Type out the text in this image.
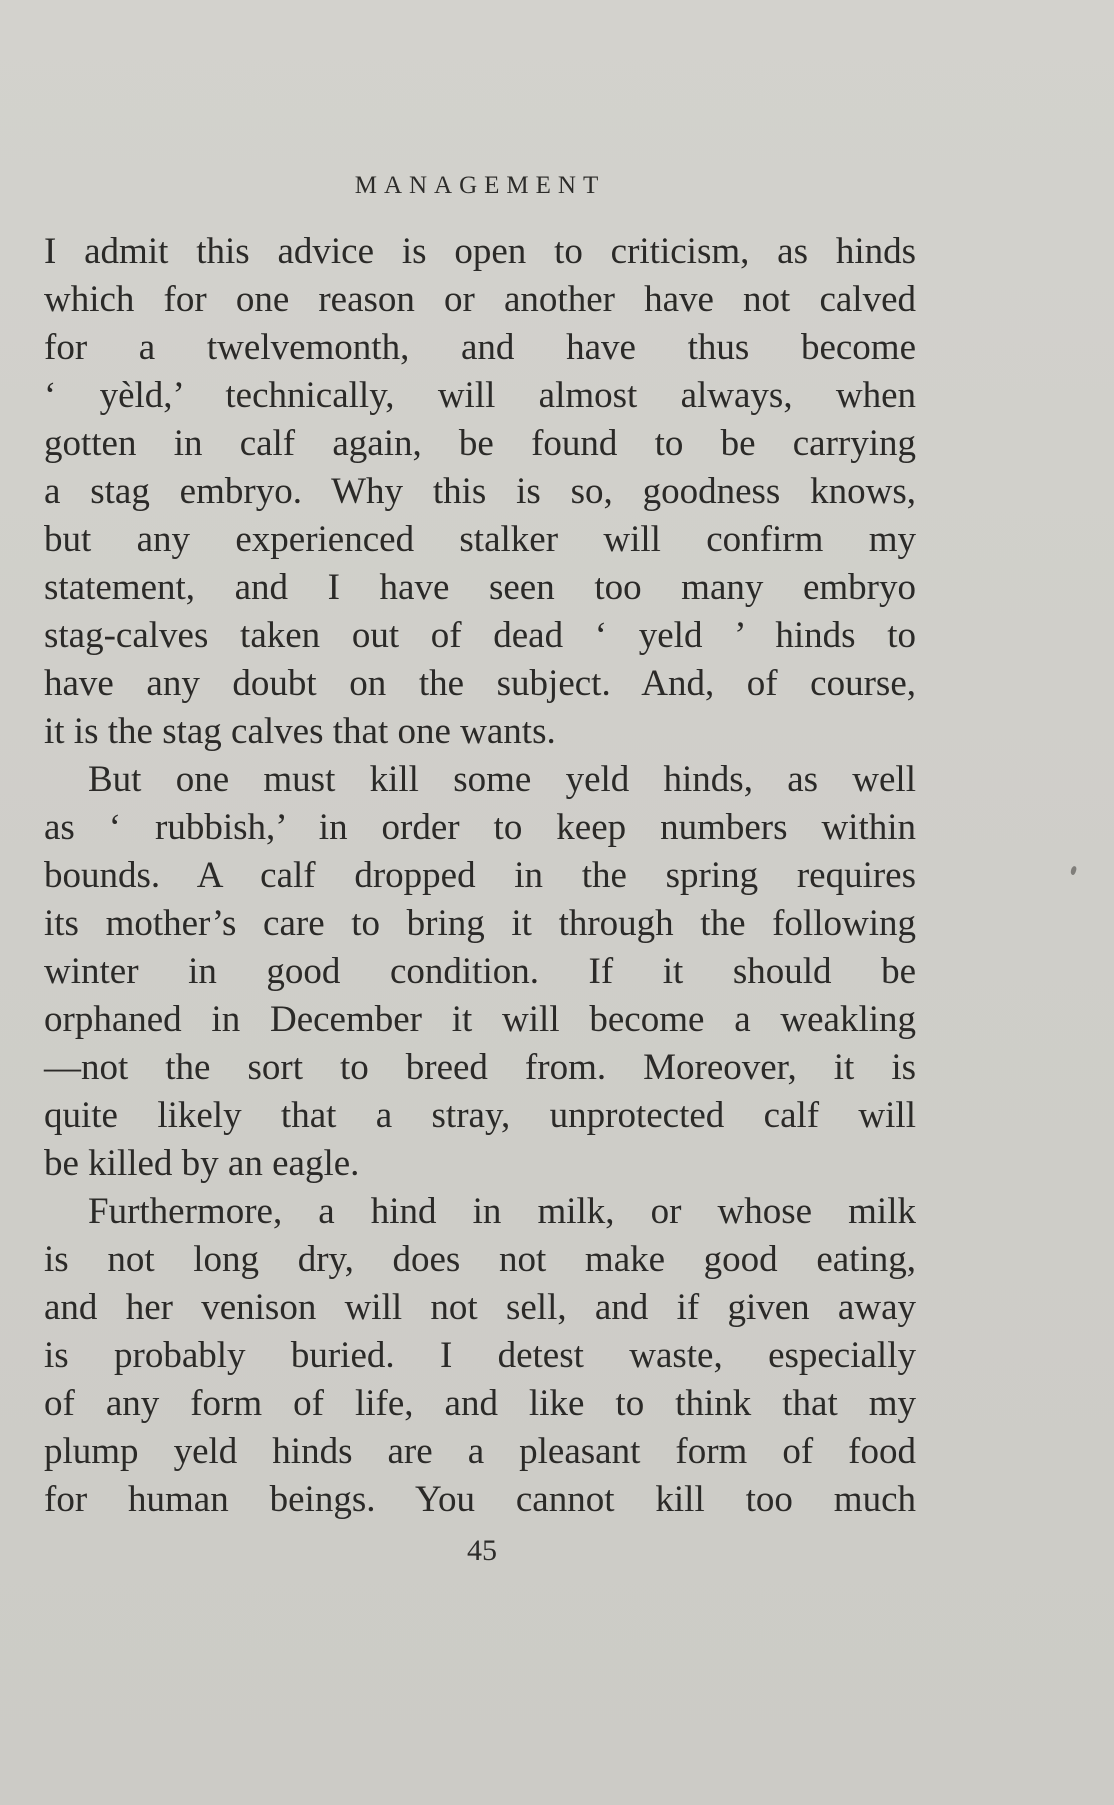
MANAGEMENT
I admit this advice is open to criticism, as hinds
which for one reason or another have not calved
for a twelvemonth, and have thus become
‘ yèld,’ technically, will almost always, when
gotten in calf again, be found to be carrying
a stag embryo. Why this is so, goodness knows,
but any experienced stalker will confirm my
statement, and I have seen too many embryo
stag-calves taken out of dead ‘ yeld ’ hinds to
have any doubt on the subject. And, of course,
it is the stag calves that one wants.
But one must kill some yeld hinds, as well
as ‘ rubbish,’ in order to keep numbers within
bounds. A calf dropped in the spring requires
its mother’s care to bring it through the following
winter in good condition. If it should be
orphaned in December it will become a weakling
—not the sort to breed from. Moreover, it is
quite likely that a stray, unprotected calf will
be killed by an eagle.
Furthermore, a hind in milk, or whose milk
is not long dry, does not make good eating,
and her venison will not sell, and if given away
is probably buried. I detest waste, especially
of any form of life, and like to think that my
plump yeld hinds are a pleasant form of food
for human beings. You cannot kill too much
45
